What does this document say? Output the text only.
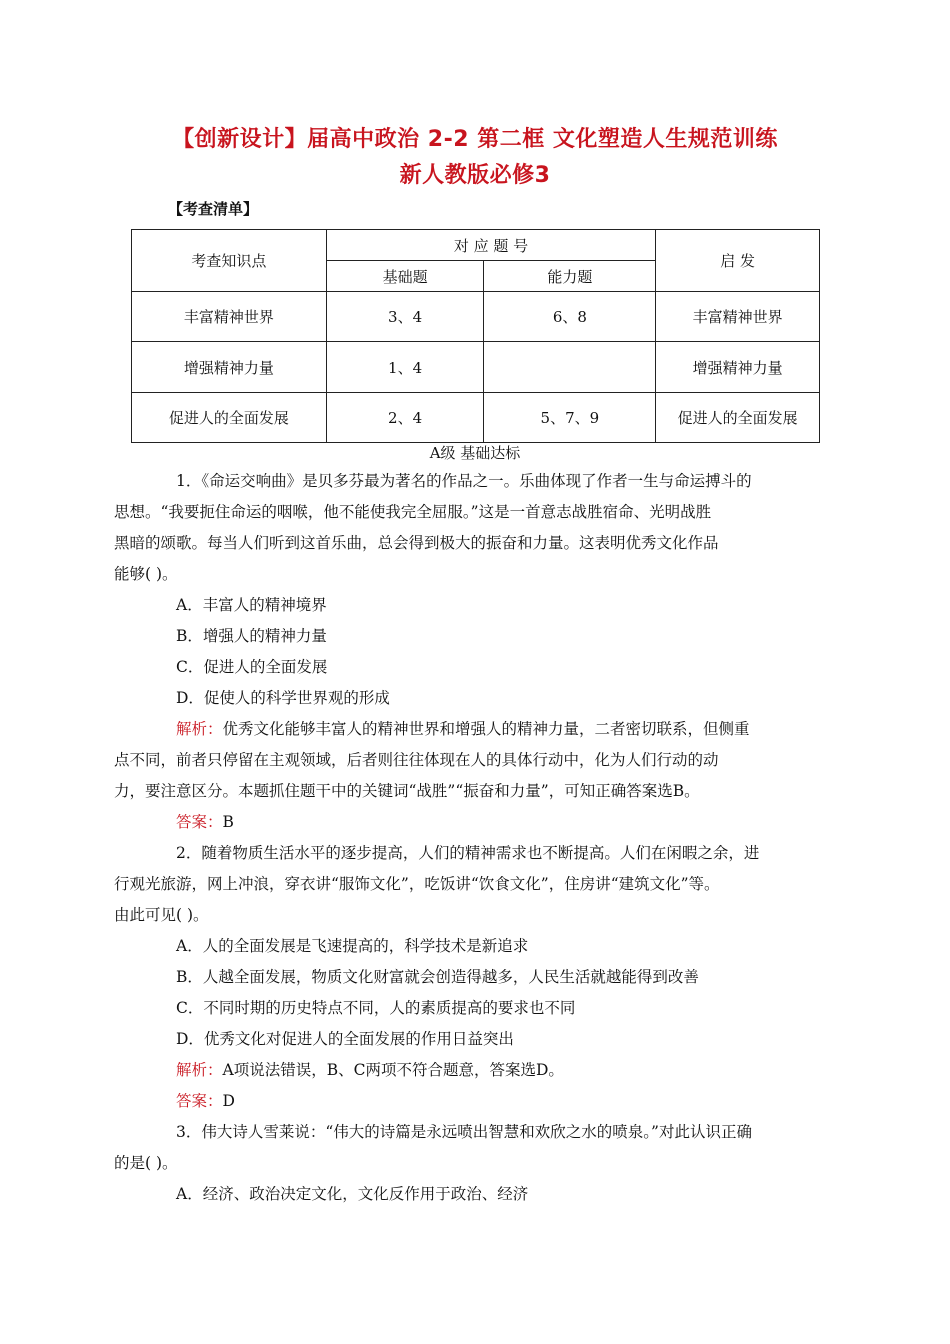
【创新设计】届高中政治 2-2 第二框 文化塑造人生规范训练
新人教版必修3
【考查清单】
考查知识点	对 应 题 号		启 发
	基础题	能力题	
丰富精神世界	3、4	6、8	丰富精神世界
增强精神力量	1、4		增强精神力量
促进人的全面发展	2、4	5、7、9	促进人的全面发展
A级 基础达标

1．《命运交响曲》是贝多芬最为著名的作品之一。乐曲体现了作者一生与命运搏斗的
思想。“我要扼住命运的咽喉，他不能使我完全屈服。”这是一首意志战胜宿命、光明战胜
黑暗的颂歌。每当人们听到这首乐曲，总会得到极大的振奋和力量。这表明优秀文化作品
能够( )。

A．丰富人的精神境界

B．增强人的精神力量

C．促进人的全面发展

D．促使人的科学世界观的形成

解析：优秀文化能够丰富人的精神世界和增强人的精神力量，二者密切联系，但侧重
点不同，前者只停留在主观领域，后者则往往体现在人的具体行动中，化为人们行动的动
力，要注意区分。本题抓住题干中的关键词“战胜”“振奋和力量”，可知正确答案选B。

答案：B

2．随着物质生活水平的逐步提高，人们的精神需求也不断提高。人们在闲暇之余，进
行观光旅游，网上冲浪，穿衣讲“服饰文化”，吃饭讲“饮食文化”，住房讲“建筑文化”等。
由此可见( )。

A．人的全面发展是飞速提高的，科学技术是新追求

B．人越全面发展，物质文化财富就会创造得越多，人民生活就越能得到改善

C．不同时期的历史特点不同，人的素质提高的要求也不同

D．优秀文化对促进人的全面发展的作用日益突出

解析：A项说法错误，B、C两项不符合题意，答案选D。

答案：D

3．伟大诗人雪莱说：“伟大的诗篇是永远喷出智慧和欢欣之水的喷泉。”对此认识正确
的是( )。

A．经济、政治决定文化，文化反作用于政治、经济
